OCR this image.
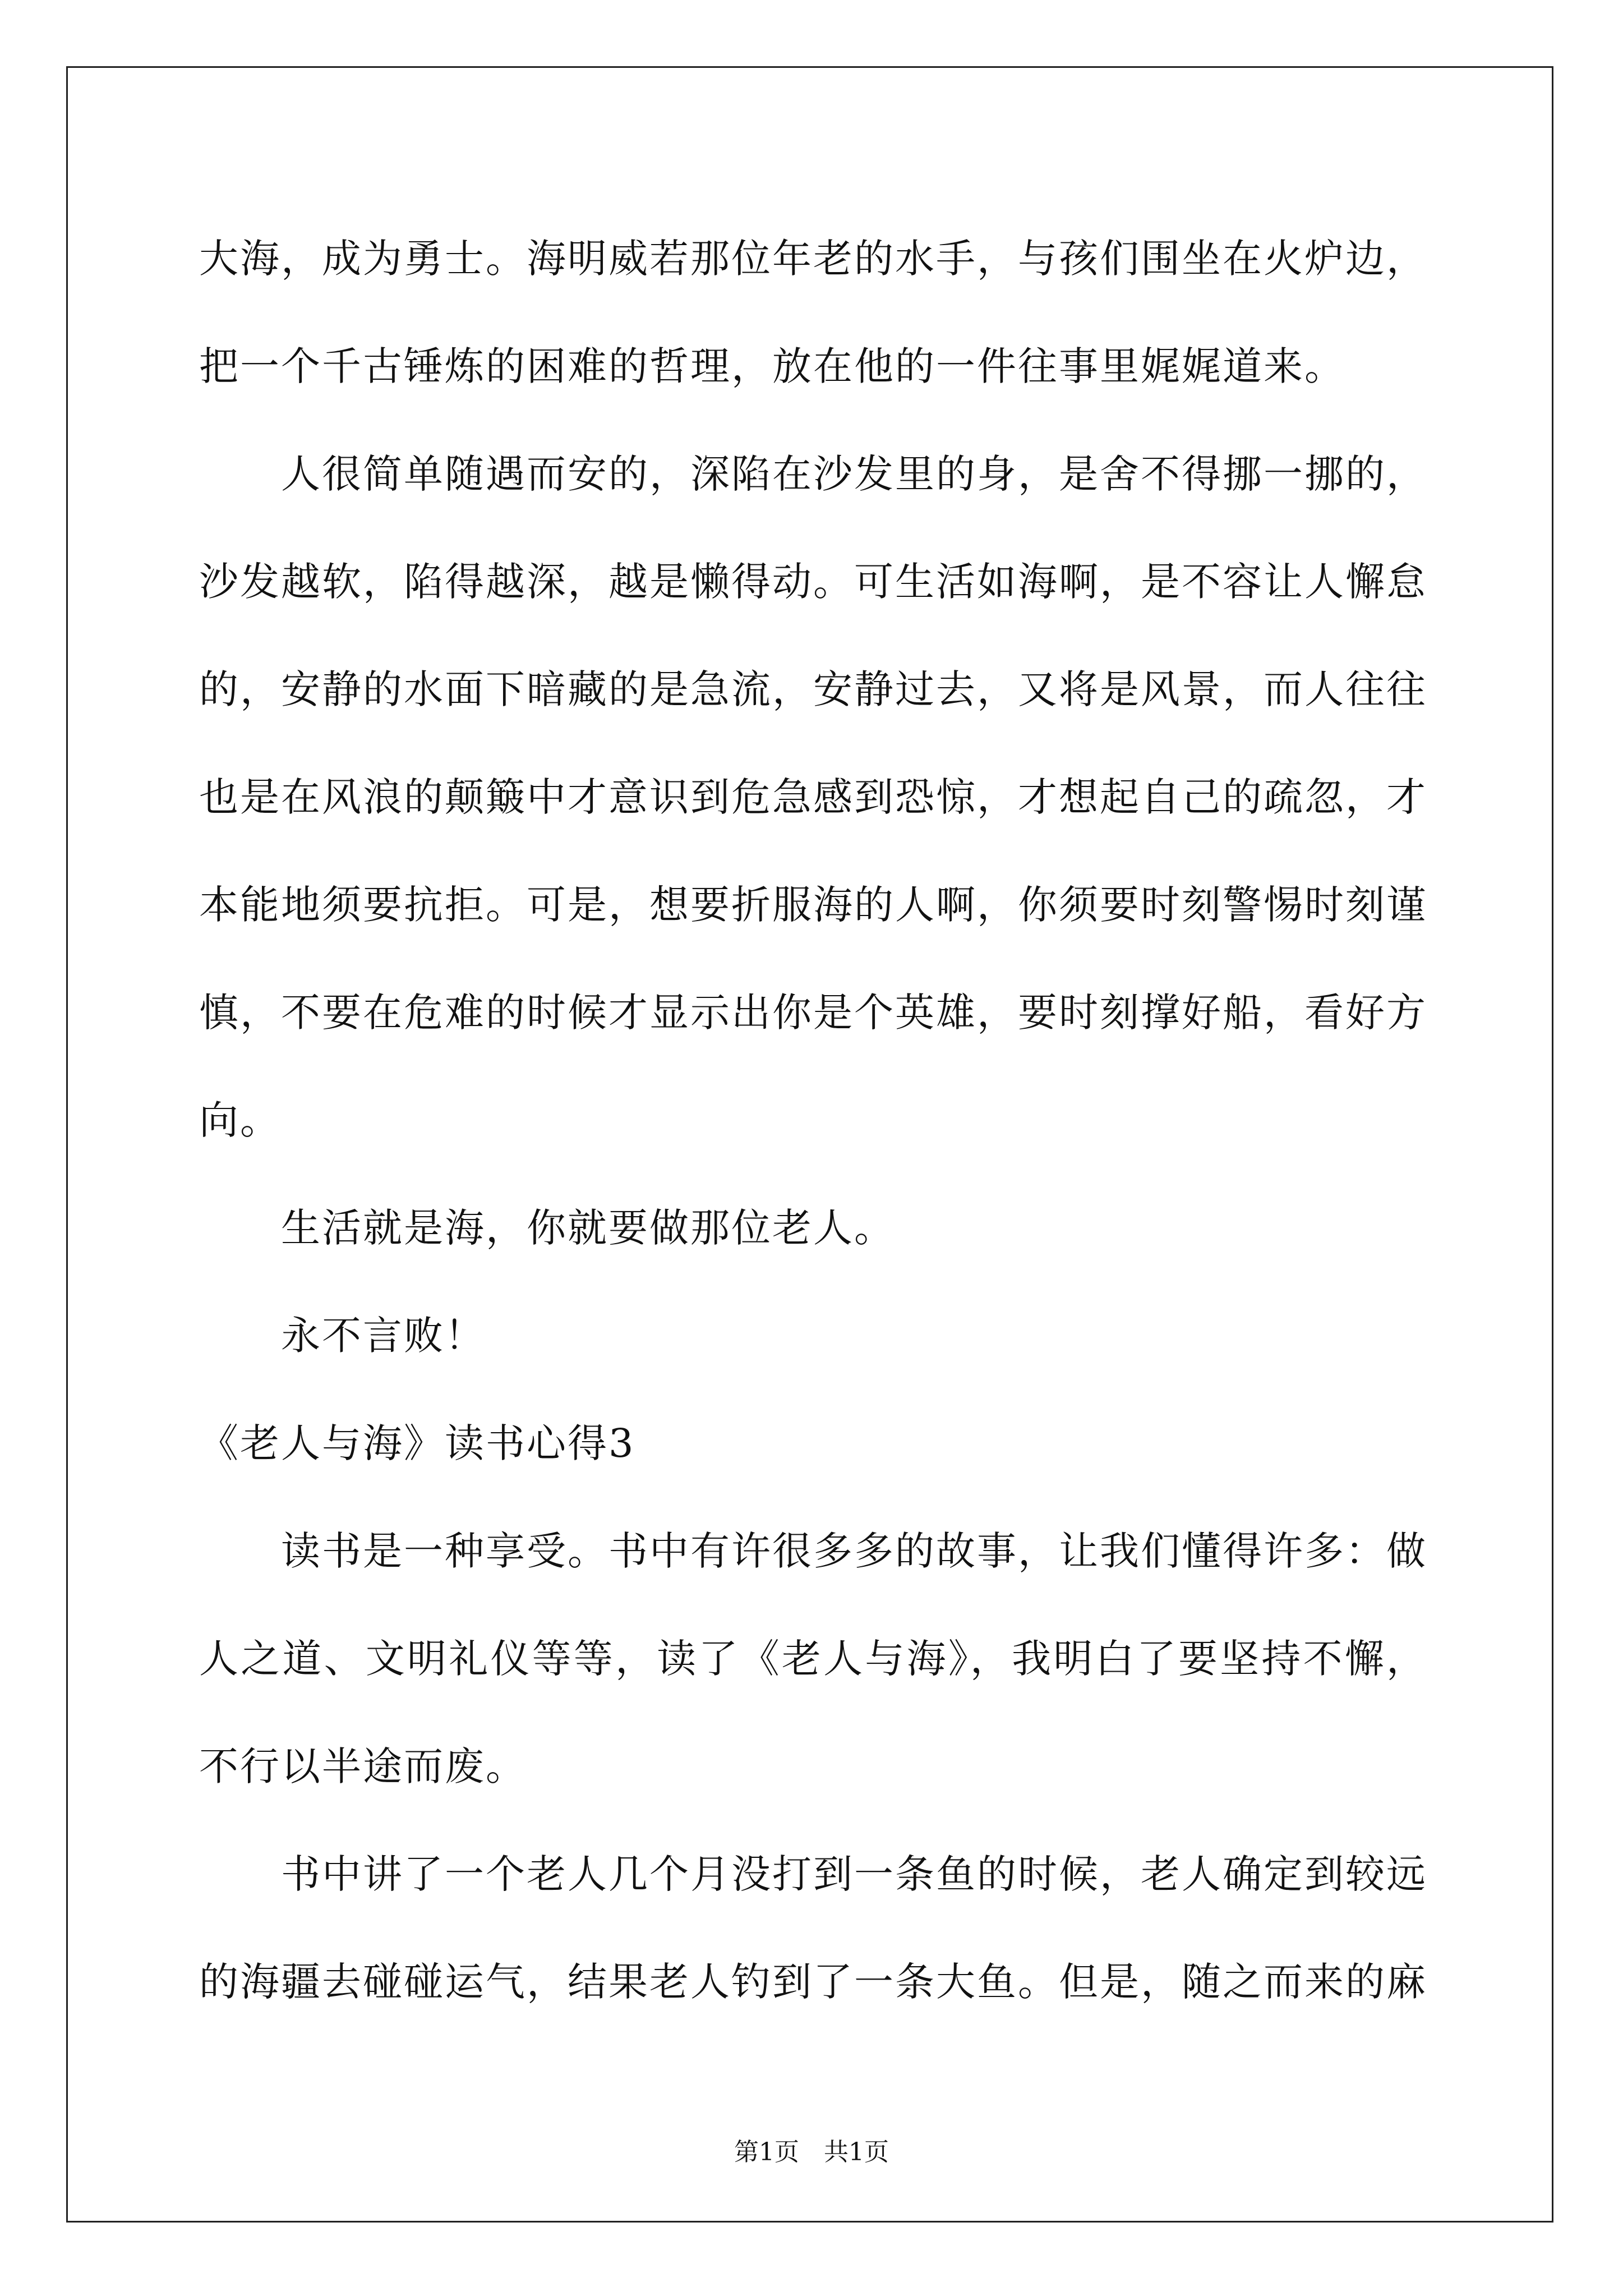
大海，成为勇士。海明威若那位年老的水手，与孩们围坐在火炉边，把一个千古锤炼的困难的哲理，放在他的一件往事里娓娓道来。

人很简单随遇而安的，深陷在沙发里的身，是舍不得挪一挪的，沙发越软，陷得越深，越是懒得动。可生活如海啊，是不容让人懈怠的，安静的水面下暗藏的是急流，安静过去，又将是风景，而人往往也是在风浪的颠簸中才意识到危急感到恐惊，才想起自己的疏忽，才本能地须要抗拒。可是，想要折服海的人啊，你须要时刻警惕时刻谨慎，不要在危难的时候才显示出你是个英雄，要时刻撑好船，看好方向。

生活就是海，你就要做那位老人。

永不言败！

《老人与海》读书心得3

读书是一种享受。书中有许很多多的故事，让我们懂得许多：做人之道、文明礼仪等等，读了《老人与海》，我明白了要坚持不懈，不行以半途而废。

书中讲了一个老人几个月没打到一条鱼的时候，老人确定到较远的海疆去碰碰运气，结果老人钓到了一条大鱼。但是，随之而来的麻

第1页　共1页
